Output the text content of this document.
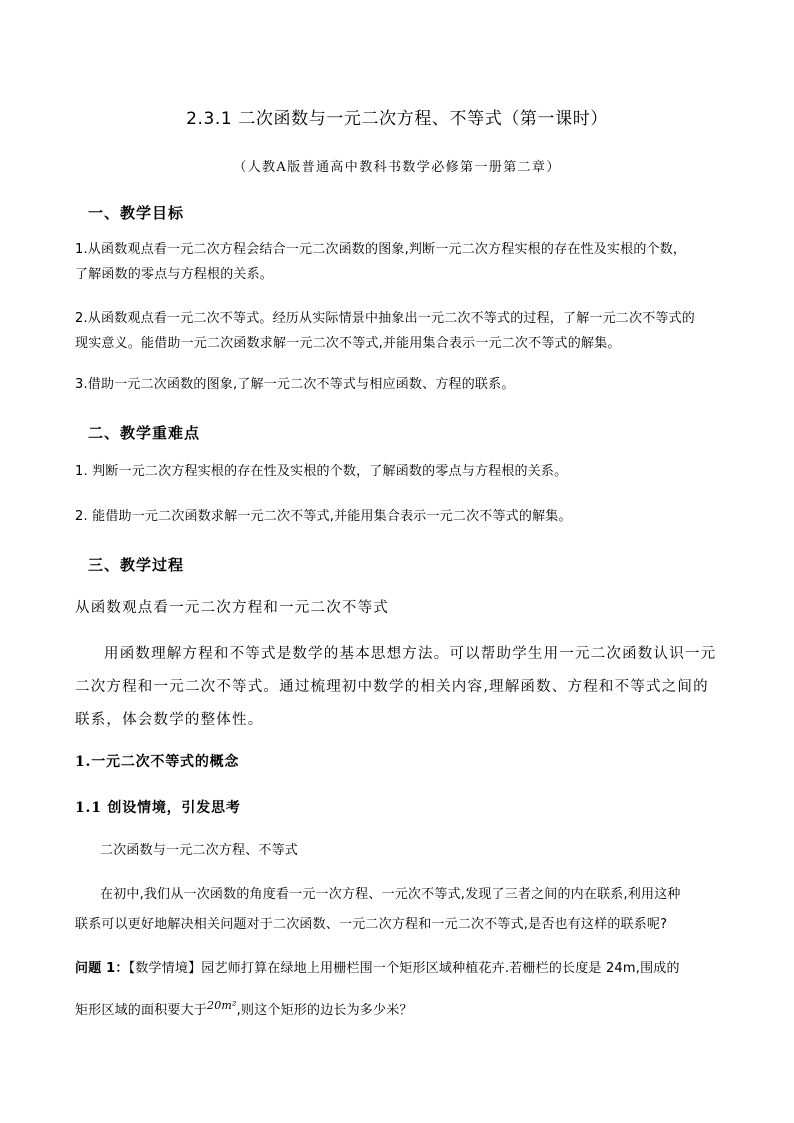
2.3.1 二次函数与一元二次方程、不等式（第一课时）
（人教A版普通高中教科书数学必修第一册第二章）
一、教学目标
1.从函数观点看一元二次方程会结合一元二次函数的图象,判断一元二次方程实根的存在性及实根的个数，
了解函数的零点与方程根的关系。
2.从函数观点看一元二次不等式。经历从实际情景中抽象出一元二次不等式的过程，了解一元二次不等式的
现实意义。能借助一元二次函数求解一元二次不等式,并能用集合表示一元二次不等式的解集。
3.借助一元二次函数的图象,了解一元二次不等式与相应函数、方程的联系。
二、教学重难点
1. 判断一元二次方程实根的存在性及实根的个数，了解函数的零点与方程根的关系。
2. 能借助一元二次函数求解一元二次不等式,并能用集合表示一元二次不等式的解集。
三、教学过程
从函数观点看一元二次方程和一元二次不等式
用函数理解方程和不等式是数学的基本思想方法。可以帮助学生用一元二次函数认识一元
二次方程和一元二次不等式。通过梳理初中数学的相关内容,理解函数、方程和不等式之间的
联系，体会数学的整体性。
1.一元二次不等式的概念
1.1 创设情境，引发思考
二次函数与一元二次方程、不等式
在初中,我们从一次函数的角度看一元一次方程、一元次不等式,发现了三者之间的内在联系,利用这种
联系可以更好地解决相关问题对于二次函数、一元二次方程和一元二次不等式,是否也有这样的联系呢?
问题 1：【数学情境】园艺师打算在绿地上用栅栏围一个矩形区域种植花卉.若栅栏的长度是 24m,围成的
矩形区域的面积要大于$^{20m^2}$,则这个矩形的边长为多少米？
